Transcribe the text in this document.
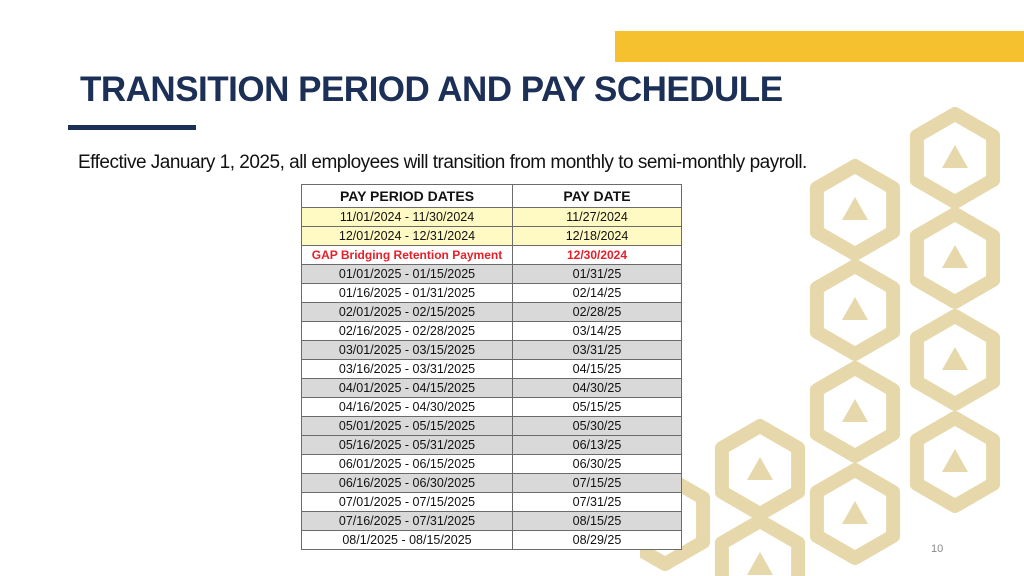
TRANSITION PERIOD AND PAY SCHEDULE

Effective January 1, 2025, all employees will transition from monthly to semi-monthly payroll.

PAY PERIOD DATES	PAY DATE
11/01/2024 - 11/30/2024	11/27/2024
12/01/2024 - 12/31/2024	12/18/2024
GAP Bridging Retention Payment	12/30/2024
01/01/2025 - 01/15/2025	01/31/25
01/16/2025 - 01/31/2025	02/14/25
02/01/2025 - 02/15/2025	02/28/25
02/16/2025 - 02/28/2025	03/14/25
03/01/2025 - 03/15/2025	03/31/25
03/16/2025 - 03/31/2025	04/15/25
04/01/2025 - 04/15/2025	04/30/25
04/16/2025 - 04/30/2025	05/15/25
05/01/2025 - 05/15/2025	05/30/25
05/16/2025 - 05/31/2025	06/13/25
06/01/2025 - 06/15/2025	06/30/25
06/16/2025 - 06/30/2025	07/15/25
07/01/2025 - 07/15/2025	07/31/25
07/16/2025 - 07/31/2025	08/15/25
08/1/2025 - 08/15/2025	08/29/25
10
